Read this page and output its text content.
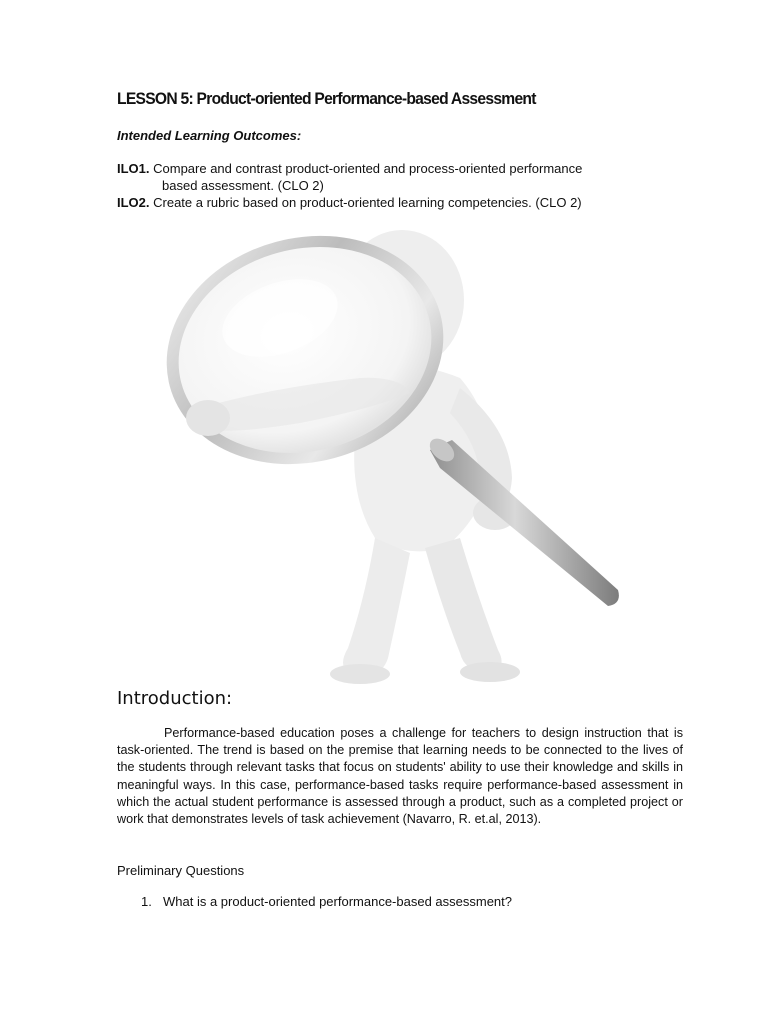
LESSON 5: Product-oriented Performance-based Assessment
Intended Learning Outcomes:
ILO1. Compare and contrast product-oriented and process-oriented performance
based assessment. (CLO 2)
ILO2. Create a rubric based on product-oriented learning competencies. (CLO 2)
Introduction:

Performance-based education poses a challenge for teachers to design instruction that is task-oriented. The trend is based on the premise that learning needs to be connected to the lives of the students through relevant tasks that focus on students' ability to use their knowledge and skills in meaningful ways. In this case, performance-based tasks require performance-based assessment in which the actual student performance is assessed through a product, such as a completed project or work that demonstrates levels of task achievement (Navarro, R. et.al, 2013).

Preliminary Questions
1. What is a product-oriented performance-based assessment?
